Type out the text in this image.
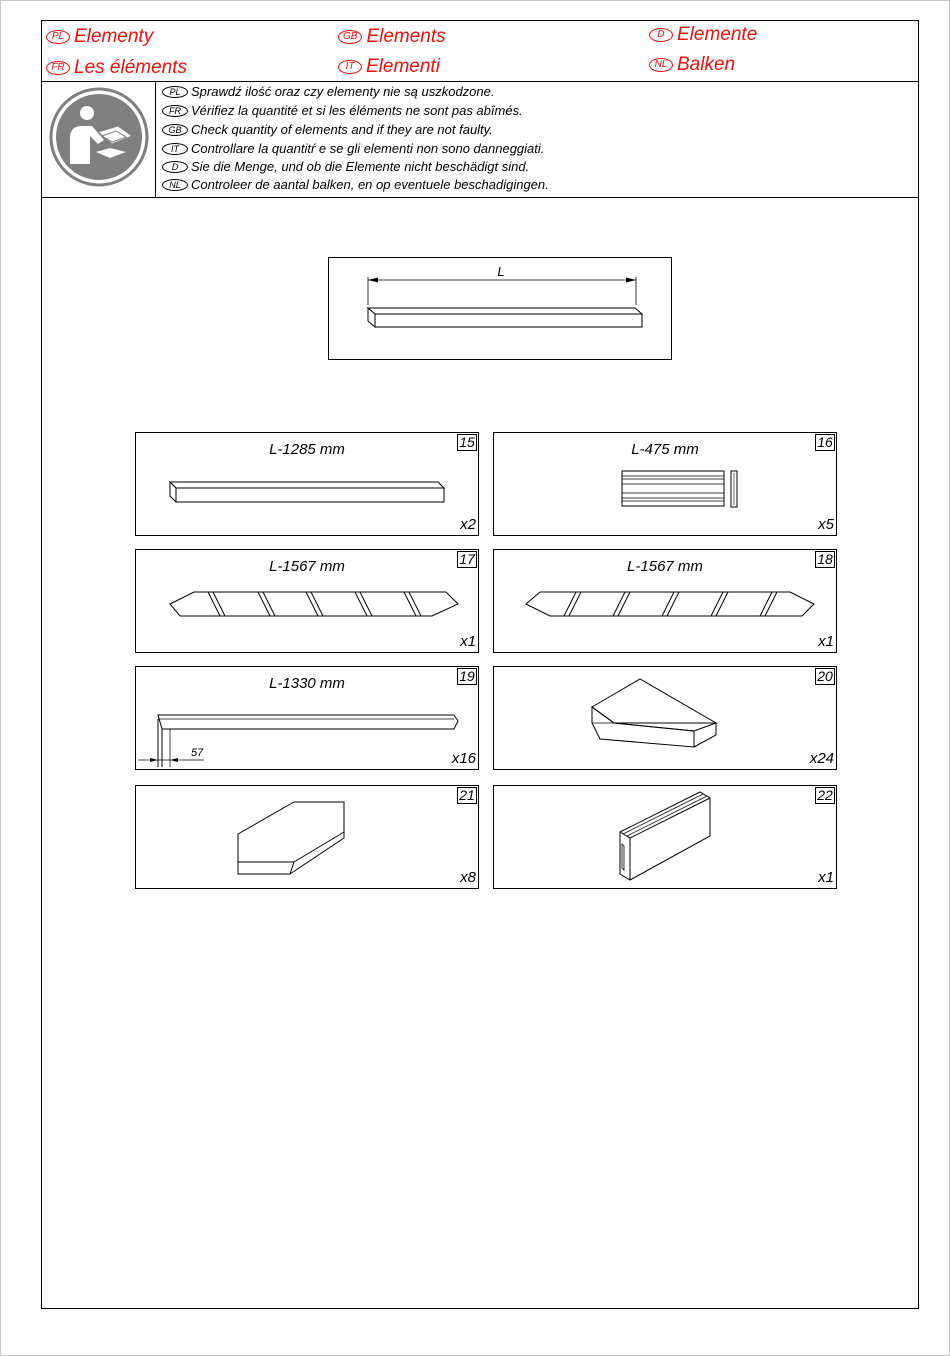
PL Elementy	GB Elements	D Elemente
FR Les éléments	IT Elementi	NL Balken
PL Sprawdź ilość oraz czy elementy nie są uszkodzone.
FR Vérifiez la quantité et si les éléments ne sont pas abîmés.
GB Check quantity of elements and if they are not faulty.
IT Controllare la quantitŕ e se gli elementi non sono danneggiati.
D Sie die Menge, und ob die Elemente nicht beschädigt sind.
NL Controleer de aantal balken, en op eventuele beschadigingen.
L
L-1285 mm	15
x2
L-475 mm	16
x5
L-1567 mm	17
x1
L-1567 mm	18
x1
57
L-1330 mm	19
x16
20
x24
21
x8
22
x1
